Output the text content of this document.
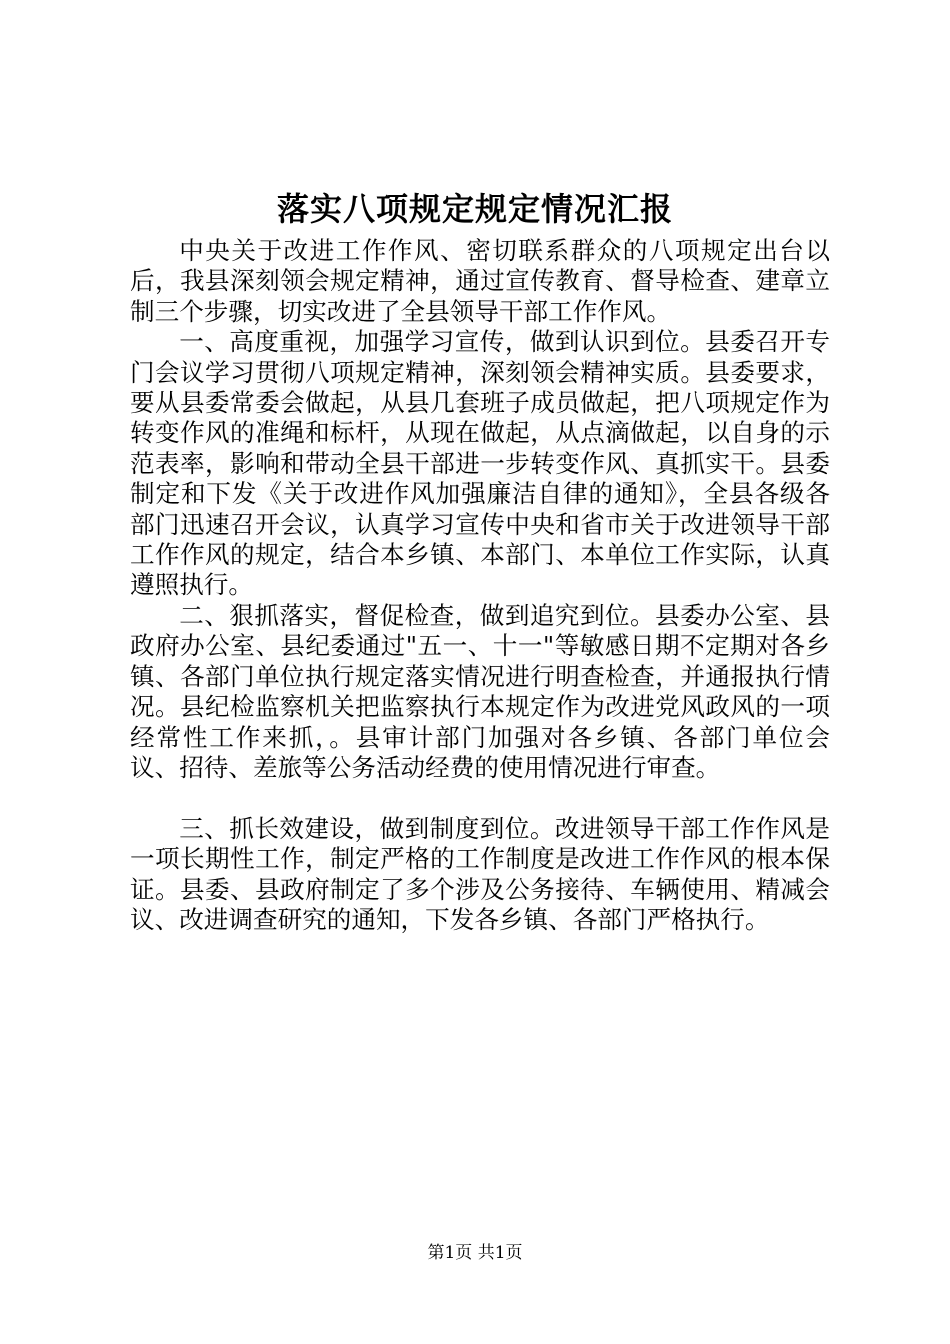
落实八项规定规定情况汇报

中央关于改进工作作风、密切联系群众的八项规定出台以后，我县深刻领会规定精神，通过宣传教育、督导检查、建章立制三个步骤，切实改进了全县领导干部工作作风。

一、高度重视，加强学习宣传，做到认识到位。县委召开专门会议学习贯彻八项规定精神，深刻领会精神实质。县委要求，要从县委常委会做起，从县几套班子成员做起，把八项规定作为转变作风的准绳和标杆，从现在做起，从点滴做起，以自身的示范表率，影响和带动全县干部进一步转变作风、真抓实干。县委制定和下发《关于改进作风加强廉洁自律的通知》，全县各级各部门迅速召开会议，认真学习宣传中央和省市关于改进领导干部工作作风的规定，结合本乡镇、本部门、本单位工作实际，认真遵照执行。

二、狠抓落实，督促检查，做到追究到位。县委办公室、县政府办公室、县纪委通过"五一、十一"等敏感日期不定期对各乡镇、各部门单位执行规定落实情况进行明查检查，并通报执行情况。县纪检监察机关把监察执行本规定作为改进党风政风的一项经常性工作来抓，。县审计部门加强对各乡镇、各部门单位会议、招待、差旅等公务活动经费的使用情况进行审查。

三、抓长效建设，做到制度到位。改进领导干部工作作风是一项长期性工作，制定严格的工作制度是改进工作作风的根本保证。县委、县政府制定了多个涉及公务接待、车辆使用、精减会议、改进调查研究的通知，下发各乡镇、各部门严格执行。

第1页 共1页
